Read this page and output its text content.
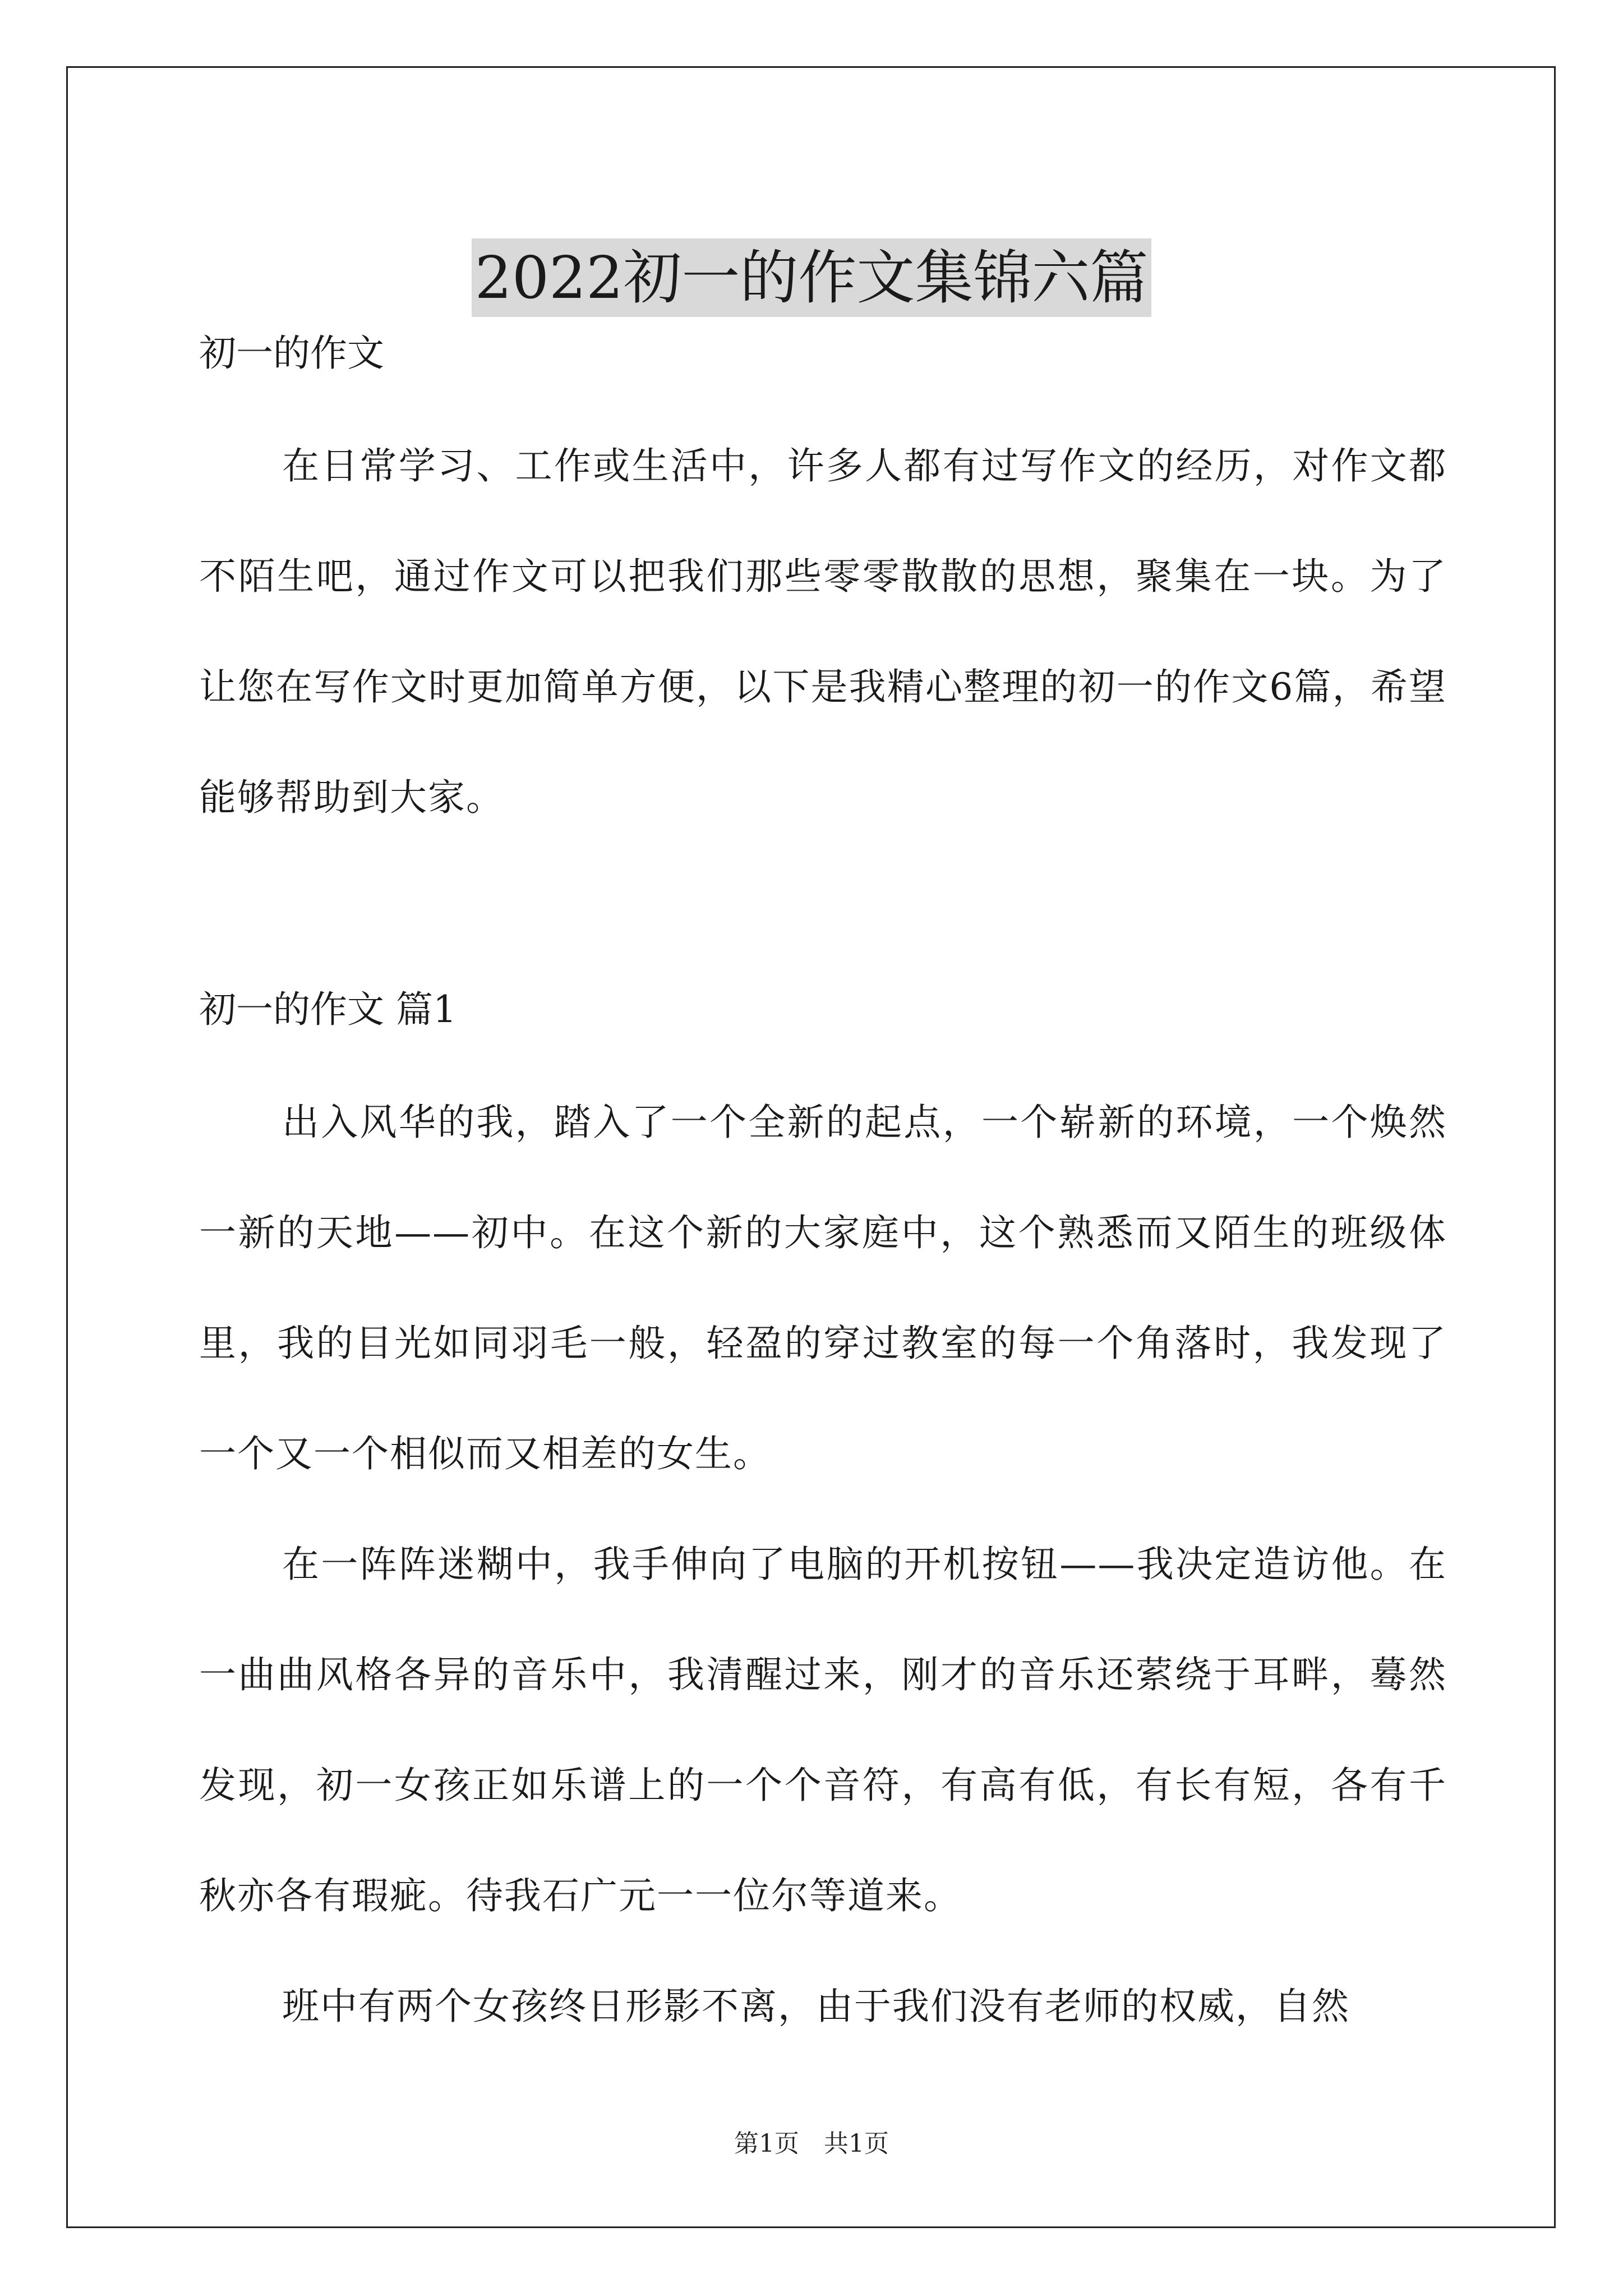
2022初一的作文集锦六篇

初一的作文

在日常学习、工作或生活中，许多人都有过写作文的经历，对作文都不陌生吧，通过作文可以把我们那些零零散散的思想，聚集在一块。为了让您在写作文时更加简单方便，以下是我精心整理的初一的作文6篇，希望能够帮助到大家。

初一的作文 篇1

出入风华的我，踏入了一个全新的起点，一个崭新的环境，一个焕然一新的天地——初中。在这个新的大家庭中，这个熟悉而又陌生的班级体里，我的目光如同羽毛一般，轻盈的穿过教室的每一个角落时，我发现了一个又一个相似而又相差的女生。

在一阵阵迷糊中，我手伸向了电脑的开机按钮——我决定造访他。在一曲曲风格各异的音乐中，我清醒过来，刚才的音乐还萦绕于耳畔，蓦然发现，初一女孩正如乐谱上的一个个音符，有高有低，有长有短，各有千秋亦各有瑕疵。待我石广元一一位尔等道来。

班中有两个女孩终日形影不离，由于我们没有老师的权威，自然

第1页　共1页
